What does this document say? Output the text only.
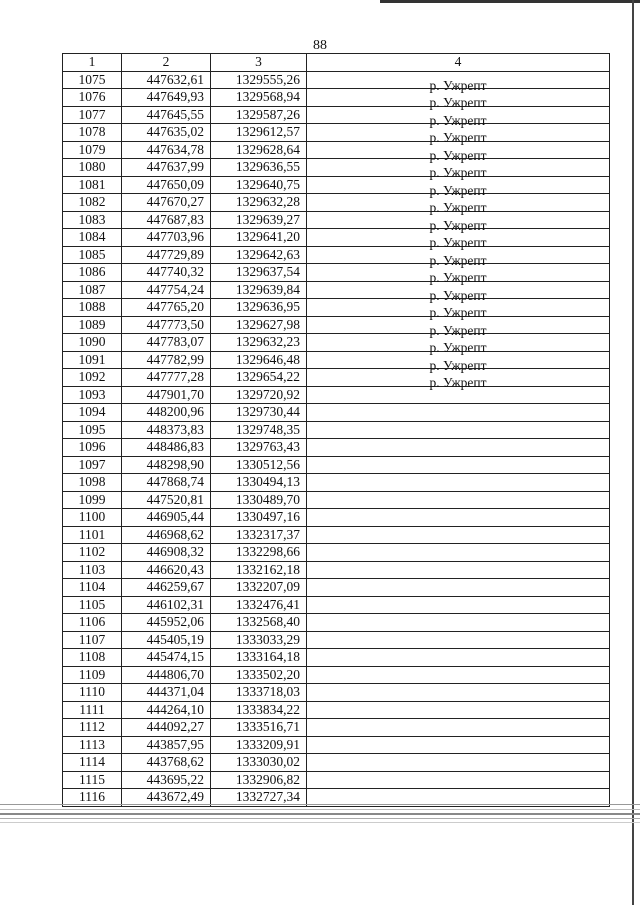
88
1	2	3	4
1075	447632,61	1329555,26	р. Ужрепт
1076	447649,93	1329568,94	р. Ужрепт
1077	447645,55	1329587,26	р. Ужрепт
1078	447635,02	1329612,57	р. Ужрепт
1079	447634,78	1329628,64	р. Ужрепт
1080	447637,99	1329636,55	р. Ужрепт
1081	447650,09	1329640,75	р. Ужрепт
1082	447670,27	1329632,28	р. Ужрепт
1083	447687,83	1329639,27	р. Ужрепт
1084	447703,96	1329641,20	р. Ужрепт
1085	447729,89	1329642,63	р. Ужрепт
1086	447740,32	1329637,54	р. Ужрепт
1087	447754,24	1329639,84	р. Ужрепт
1088	447765,20	1329636,95	р. Ужрепт
1089	447773,50	1329627,98	р. Ужрепт
1090	447783,07	1329632,23	р. Ужрепт
1091	447782,99	1329646,48	р. Ужрепт
1092	447777,28	1329654,22	р. Ужрепт
1093	447901,70	1329720,92	
1094	448200,96	1329730,44	
1095	448373,83	1329748,35	
1096	448486,83	1329763,43	
1097	448298,90	1330512,56	
1098	447868,74	1330494,13	
1099	447520,81	1330489,70	
1100	446905,44	1330497,16	
1101	446968,62	1332317,37	
1102	446908,32	1332298,66	
1103	446620,43	1332162,18	
1104	446259,67	1332207,09	
1105	446102,31	1332476,41	
1106	445952,06	1332568,40	
1107	445405,19	1333033,29	
1108	445474,15	1333164,18	
1109	444806,70	1333502,20	
1110	444371,04	1333718,03	
1111	444264,10	1333834,22	
1112	444092,27	1333516,71	
1113	443857,95	1333209,91	
1114	443768,62	1333030,02	
1115	443695,22	1332906,82	
1116	443672,49	1332727,34	
